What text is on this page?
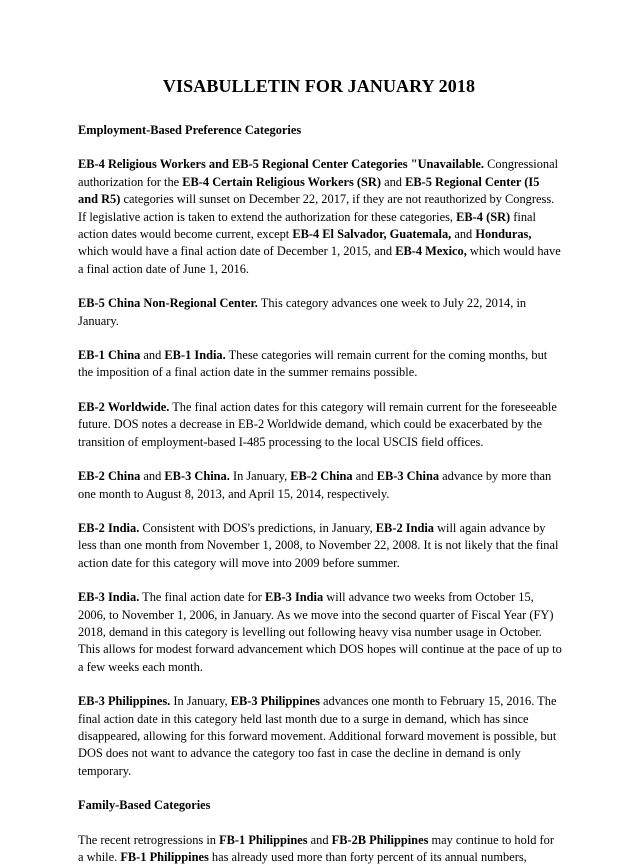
VISABULLETIN FOR JANUARY 2018
Employment-Based Preference Categories
EB-4 Religious Workers and EB-5 Regional Center Categories "Unavailable. Congressional authorization for the EB-4 Certain Religious Workers (SR) and EB-5 Regional Center (I5 and R5) categories will sunset on December 22, 2017, if they are not reauthorized by Congress. If legislative action is taken to extend the authorization for these categories, EB-4 (SR) final action dates would become current, except EB-4 El Salvador, Guatemala, and Honduras, which would have a final action date of December 1, 2015, and EB-4 Mexico, which would have a final action date of June 1, 2016.
EB-5 China Non-Regional Center. This category advances one week to July 22, 2014, in January.
EB-1 China and EB-1 India. These categories will remain current for the coming months, but the imposition of a final action date in the summer remains possible.
EB-2 Worldwide. The final action dates for this category will remain current for the foreseeable future. DOS notes a decrease in EB-2 Worldwide demand, which could be exacerbated by the transition of employment-based I-485 processing to the local USCIS field offices.
EB-2 China and EB-3 China. In January, EB-2 China and EB-3 China advance by more than one month to August 8, 2013, and April 15, 2014, respectively.
EB-2 India. Consistent with DOS's predictions, in January, EB-2 India will again advance by less than one month from November 1, 2008, to November 22, 2008. It is not likely that the final action date for this category will move into 2009 before summer.
EB-3 India. The final action date for EB-3 India will advance two weeks from October 15, 2006, to November 1, 2006, in January. As we move into the second quarter of Fiscal Year (FY) 2018, demand in this category is levelling out following heavy visa number usage in October. This allows for modest forward advancement which DOS hopes will continue at the pace of up to a few weeks each month.
EB-3 Philippines. In January, EB-3 Philippines advances one month to February 15, 2016. The final action date in this category held last month due to a surge in demand, which has since disappeared, allowing for this forward movement. Additional forward movement is possible, but DOS does not want to advance the category too fast in case the decline in demand is only temporary.
Family-Based Categories
The recent retrogressions in FB-1 Philippines and FB-2B Philippines may continue to hold for a while. FB-1 Philippines has already used more than forty percent of its annual numbers,
